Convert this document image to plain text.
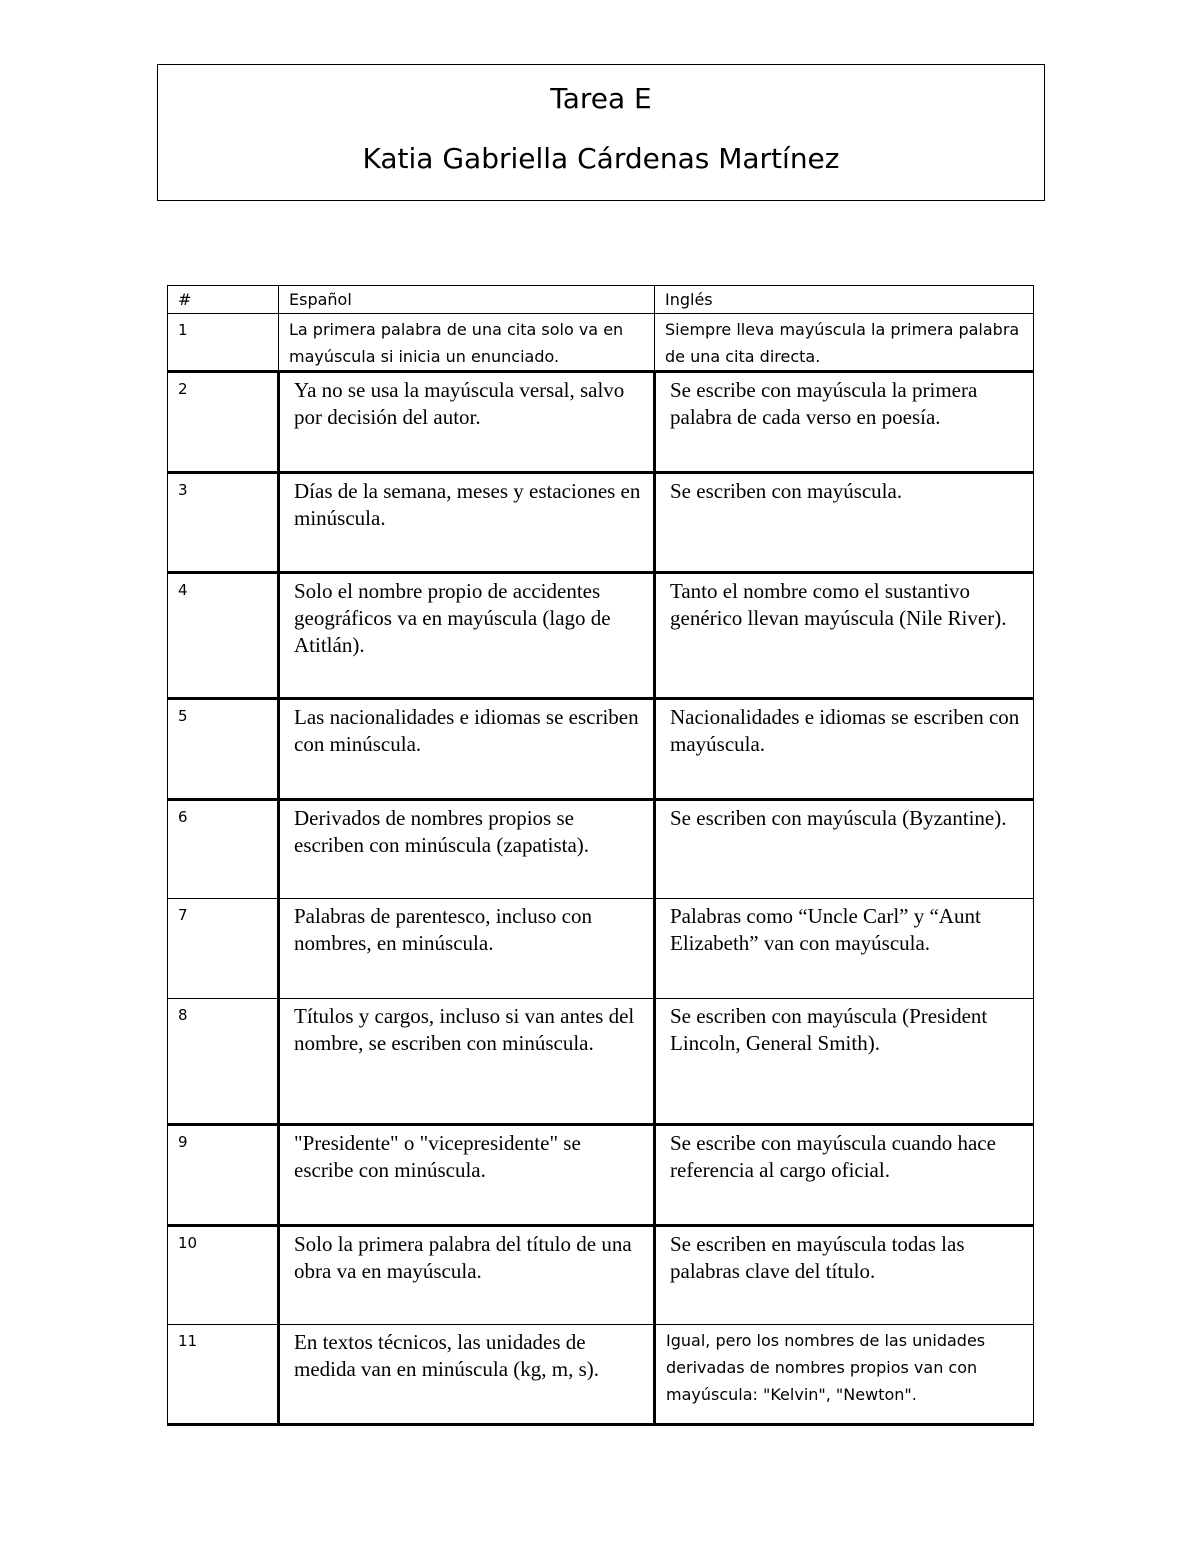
Tarea E
Katia Gabriella Cárdenas Martínez
#	Español	Inglés

1	La primera palabra de una cita solo va en mayúscula si inicia un enunciado.	Siempre lleva mayúscula la primera palabra de una cita directa.

2	Ya no se usa la mayúscula versal, salvo por decisión del autor.	Se escribe con mayúscula la primera palabra de cada verso en poesía.

3	Días de la semana, meses y estaciones en minúscula.	Se escriben con mayúscula.

4	Solo el nombre propio de accidentes geográficos va en mayúscula (lago de Atitlán).	Tanto el nombre como el sustantivo genérico llevan mayúscula (Nile River).

5	Las nacionalidades e idiomas se escriben con minúscula.	Nacionalidades e idiomas se escriben con mayúscula.

6	Derivados de nombres propios se escriben con minúscula (zapatista).	Se escriben con mayúscula (Byzantine).

7	Palabras de parentesco, incluso con nombres, en minúscula.	Palabras como “Uncle Carl” y “Aunt Elizabeth” van con mayúscula.

8	Títulos y cargos, incluso si van antes del nombre, se escriben con minúscula.	Se escriben con mayúscula (President Lincoln, General Smith).

9	"Presidente" o "vicepresidente" se escribe con minúscula.	Se escribe con mayúscula cuando hace referencia al cargo oficial.

10	Solo la primera palabra del título de una obra va en mayúscula.	Se escriben en mayúscula todas las palabras clave del título.

11	En textos técnicos, las unidades de medida van en minúscula (kg, m, s).	Igual, pero los nombres de las unidades derivadas de nombres propios van con mayúscula: "Kelvin", "Newton".
